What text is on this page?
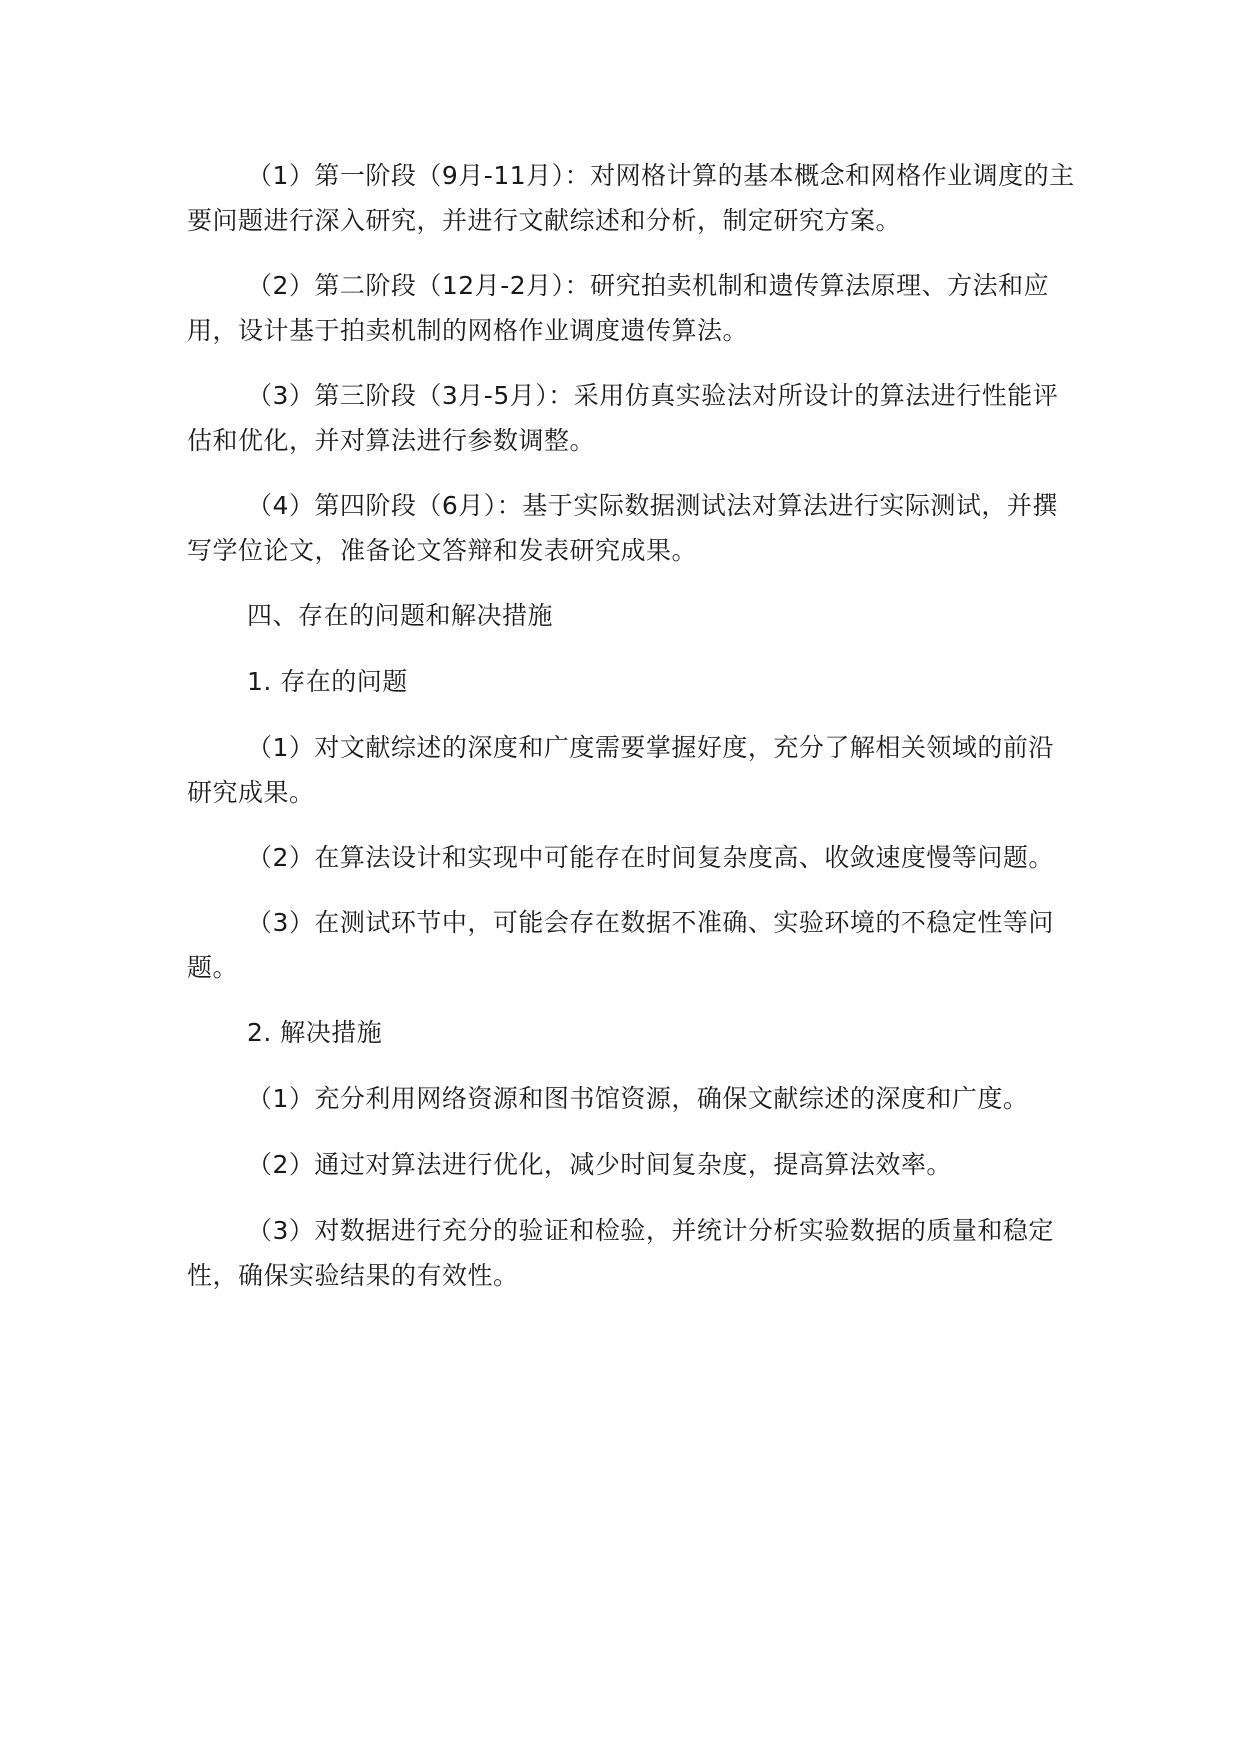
（1）第一阶段（9月-11月）：对网格计算的基本概念和网格作业调度的主要问题进行深入研究，并进行文献综述和分析，制定研究方案。

（2）第二阶段（12月-2月）：研究拍卖机制和遗传算法原理、方法和应用，设计基于拍卖机制的网格作业调度遗传算法。

（3）第三阶段（3月-5月）：采用仿真实验法对所设计的算法进行性能评估和优化，并对算法进行参数调整。

（4）第四阶段（6月）：基于实际数据测试法对算法进行实际测试，并撰写学位论文，准备论文答辩和发表研究成果。

四、存在的问题和解决措施

1. 存在的问题

（1）对文献综述的深度和广度需要掌握好度，充分了解相关领域的前沿研究成果。

（2）在算法设计和实现中可能存在时间复杂度高、收敛速度慢等问题。

（3）在测试环节中，可能会存在数据不准确、实验环境的不稳定性等问题。

2. 解决措施

（1）充分利用网络资源和图书馆资源，确保文献综述的深度和广度。

（2）通过对算法进行优化，减少时间复杂度，提高算法效率。

（3）对数据进行充分的验证和检验，并统计分析实验数据的质量和稳定性，确保实验结果的有效性。
